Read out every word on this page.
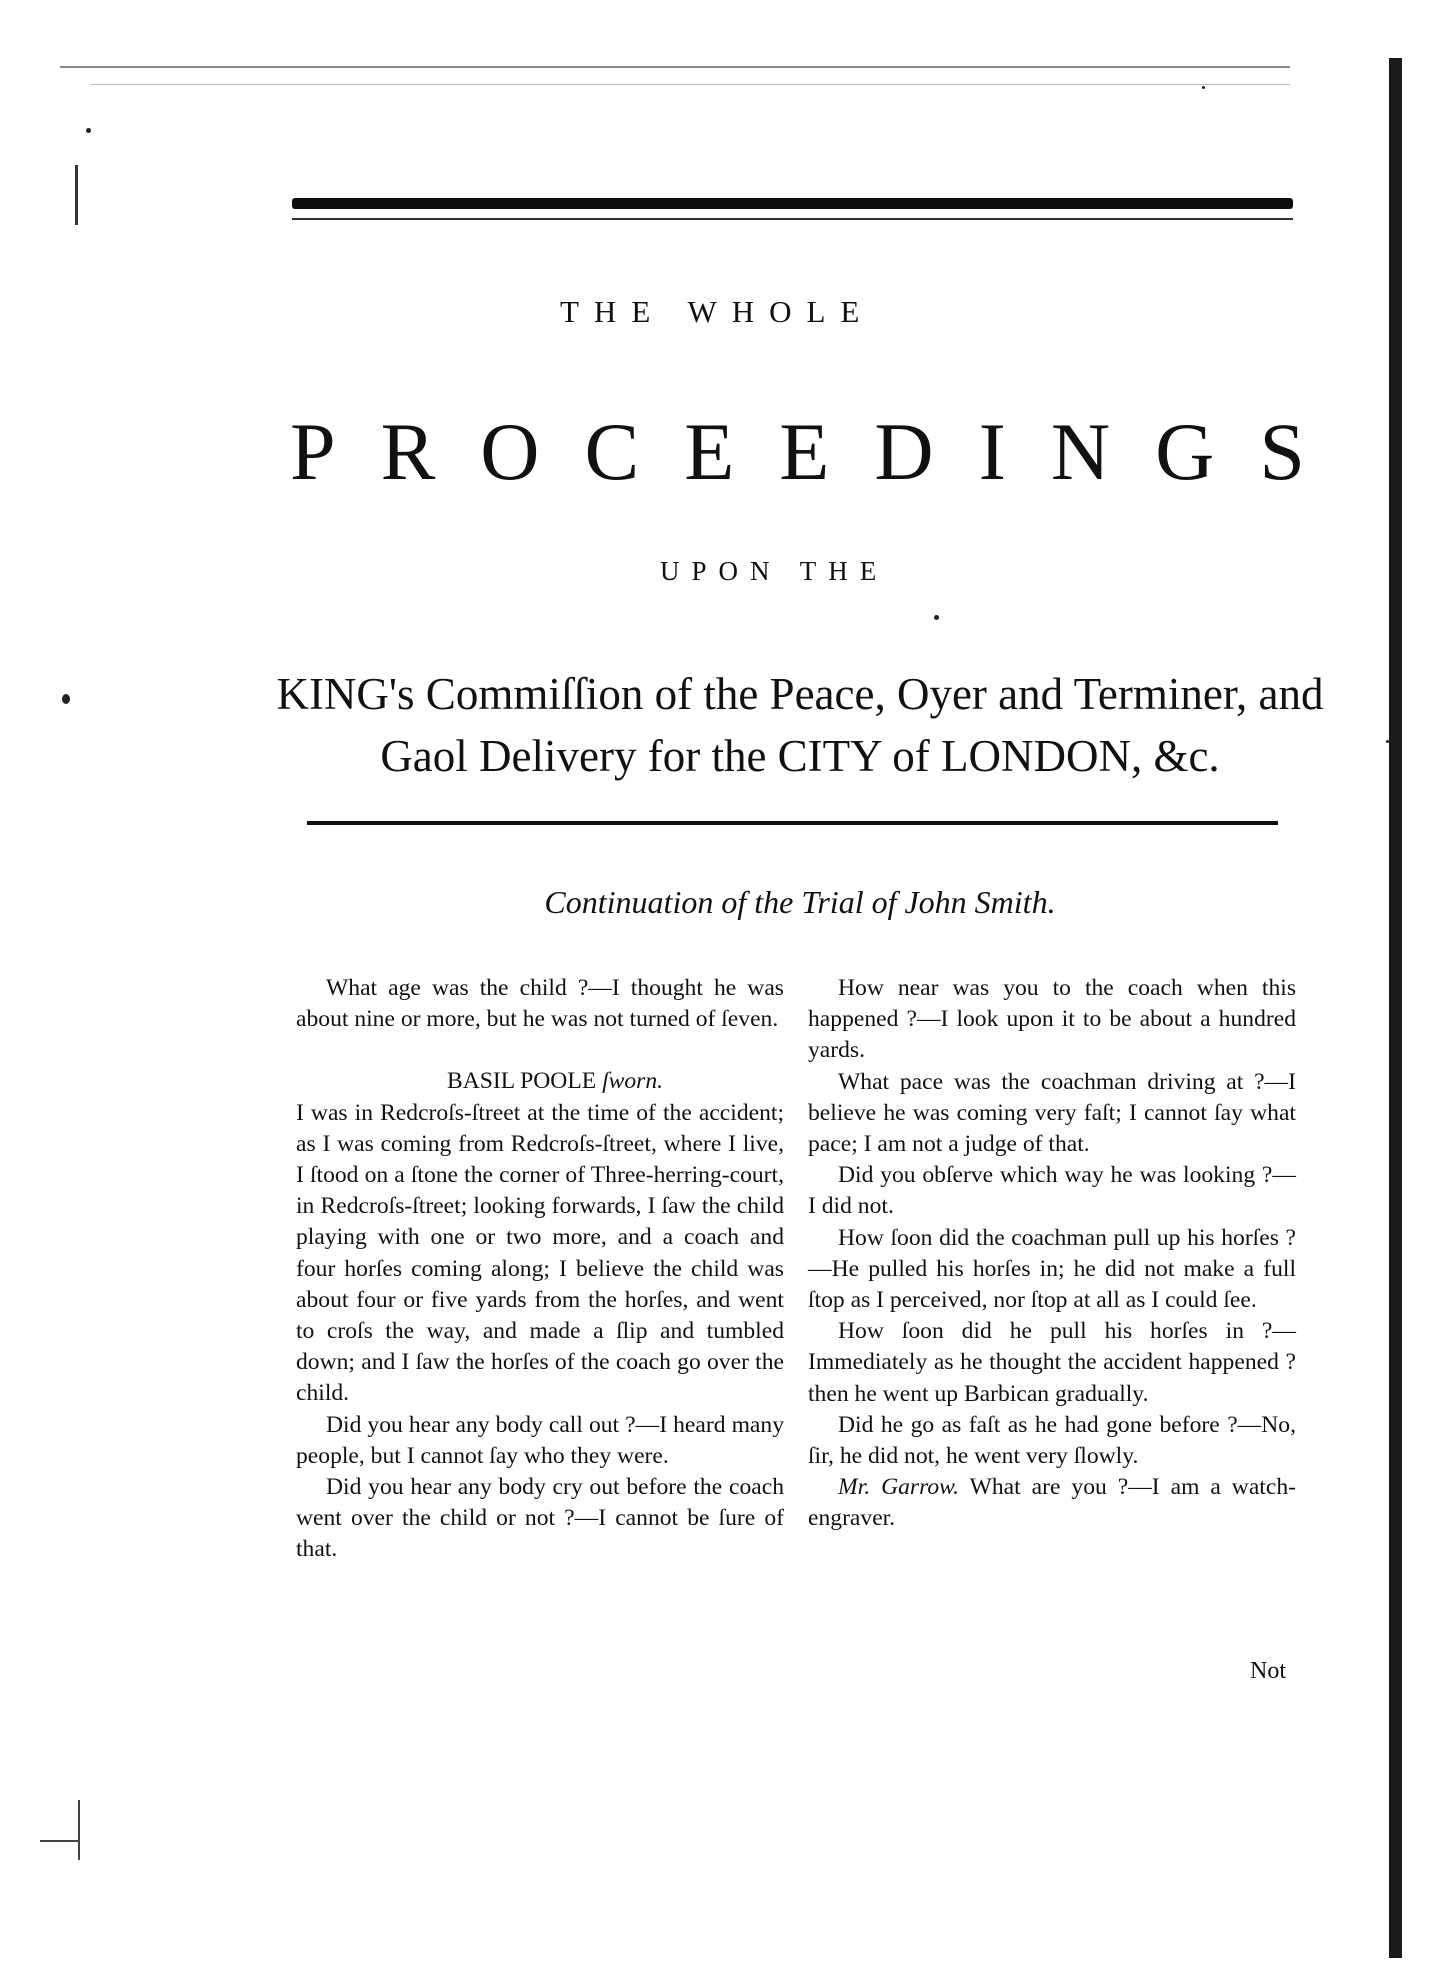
THE WHOLE
PROCEEDINGS
UPON THE
KING's Commiſſion of the Peace, Oyer and Terminer, and
Gaol Delivery for the CITY of LONDON, &c.
Continuation of the Trial of John Smith.

What age was the child ?—I thought he was about nine or more, but he was not turned of ſeven.

BASIL POOLE ſworn.

I was in Redcroſs-ſtreet at the time of the accident; as I was coming from Redcroſs-ſtreet, where I live, I ſtood on a ſtone the corner of Three-herring-court, in Redcroſs-ſtreet; looking forwards, I ſaw the child playing with one or two more, and a coach and four horſes coming along; I believe the child was about four or five yards from the horſes, and went to croſs the way, and made a ſlip and tumbled down; and I ſaw the horſes of the coach go over the child.

Did you hear any body call out ?—I heard many people, but I cannot ſay who they were.

Did you hear any body cry out before the coach went over the child or not ?—I cannot be ſure of that.

How near was you to the coach when this happened ?—I look upon it to be about a hundred yards.

What pace was the coachman driving at ?—I believe he was coming very faſt; I cannot ſay what pace; I am not a judge of that.

Did you obſerve which way he was looking ?—I did not.

How ſoon did the coachman pull up his horſes ?—He pulled his horſes in; he did not make a full ſtop as I perceived, nor ſtop at all as I could ſee.

How ſoon did he pull his horſes in ?—Immediately as he thought the accident happened ? then he went up Barbican gradually.

Did he go as faſt as he had gone before ?—No, ſir, he did not, he went very ſlowly.

Mr. Garrow. What are you ?—I am a watch-engraver.

Not
